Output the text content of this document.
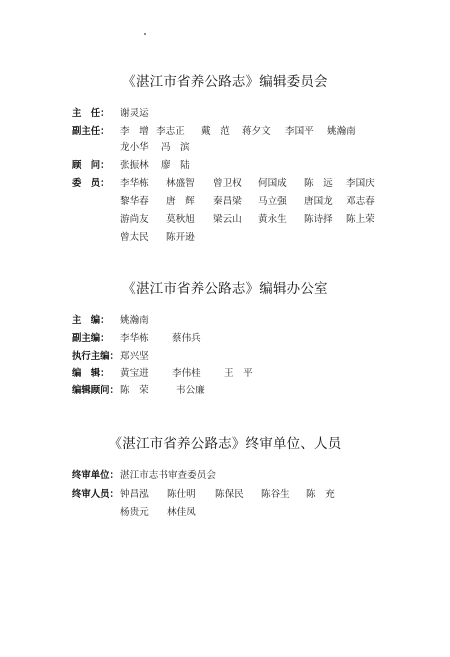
《湛江市省养公路志》编辑委员会
主　任： 谢灵运
副主任： 李　增 李志正 戴　范 蒋夕文 李国平 姚瀚南
龙小华 冯　滨
顾　问： 张振林 廖　陆
委　员： 李华栋 林盛智 曾卫权 何国成 陈　远 李国庆
黎华春 唐　辉 秦昌梁 马立强 唐国龙 邓志春
游尚友 莫秋旭 梁云山 黄永生 陈诗择 陈上荣
曾太民 陈开逊
《湛江市省养公路志》编辑办公室
主　编： 姚瀚南
副主编： 李华栋 蔡伟兵
执行主编： 郑兴坚
编　辑： 黄宝进 李伟桂 王　平
编辑顾问： 陈　荣	韦公廉
《湛江市省养公路志》终审单位、人员
终审单位： 湛江市志书审查委员会
终审人员： 钟昌泓 陈仕明 陈保民 陈谷生 陈　充
杨贵元 林佳凤
